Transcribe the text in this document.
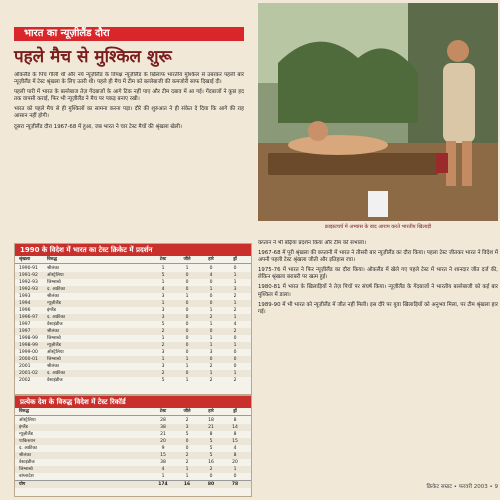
भारत का न्यूज़ीलैंड दौरा
पहले मैच से मुश्किल शुरू

ऑकलैंड के पिच गीली थी और नये न्यूज़ीलैंड के विपक्ष न्यूज़ीलैंड के खिलाफ भारतीय मुश्किल से उबरकर पहली बार न्यूज़ीलैंड में टेस्ट श्रृंखला के लिए उतरी थी। पहले ही मैच में टीम को बल्लेबाजी की कमजोरी साफ दिखाई दी।

पहली पारी में भारत के बल्लेबाज तेज़ गेंदबाजों के आगे टिक नहीं पाए और टीम दबाव में आ गई। गेंदबाजों ने कुछ हद तक वापसी कराई, फिर भी न्यूज़ीलैंड ने मैच पर पकड़ बनाए रखी।

भारत को पहले मैच से ही मुश्किलों का सामना करना पड़ा। दौरे की शुरुआत ने ही संकेत दे दिया कि आगे की राह आसान नहीं होगी।

दूसरा न्यूज़ीलैंड दौरा 1967-68 में हुआ, जब भारत ने चार टेस्ट मैचों की श्रृंखला खेली।

क्राइस्टचर्च में अभ्यास के बाद आराम करते भारतीय खिलाड़ी

कप्तान ने भी बढ़िया प्रदर्शन किया और टीम को संभाला।

1967-68 में पूरी श्रृंखला की कप्तानी में भारत ने तीसरी बार न्यूज़ीलैंड का दौरा किया। पहला टेस्ट जीतकर भारत ने विदेश में अपनी पहली टेस्ट श्रृंखला जीती और इतिहास रचा।

1975-76 में भारत ने फिर न्यूज़ीलैंड का दौरा किया। ऑकलैंड में खेले गए पहले टेस्ट में भारत ने शानदार जीत दर्ज की, लेकिन श्रृंखला बराबरी पर खत्म हुई।

1980-81 में भारत के खिलाड़ियों ने तेज़ पिचों पर संघर्ष किया। न्यूज़ीलैंड के गेंदबाजों ने भारतीय बल्लेबाजी को कई बार मुश्किल में डाला।

1989-90 में भी भारत को न्यूज़ीलैंड में जीत नहीं मिली। इस दौरे पर युवा खिलाड़ियों को अनुभव मिला, पर टीम श्रृंखला हार गई।

1990 के विदेश में भारत का टेस्ट क्रिकेट में प्रदर्शन
श्रृंखला	विरुद्ध	टेस्ट	जीते	हारे	ड्रॉ
1990-91	श्रीलंका	1	1	0	0
1991-92	ऑस्ट्रेलिया	5	0	4	1
1992-93	जिम्बाब्वे	1	0	0	1
1992-93	द. अफ्रीका	4	0	1	3
1993	श्रीलंका	3	1	0	2
1994	न्यूज़ीलैंड	1	0	0	1
1996	इंग्लैंड	3	0	1	2
1996-97	द. अफ्रीका	3	0	2	1
1997	वेस्टइंडीज	5	0	1	4
1997	श्रीलंका	2	0	0	2
1998-99	जिम्बाब्वे	1	0	1	0
1998-99	न्यूज़ीलैंड	2	0	1	1
1999-00	ऑस्ट्रेलिया	3	0	3	0
2000-01	जिम्बाब्वे	1	1	0	0
2001	श्रीलंका	3	1	2	0
2001-02	द. अफ्रीका	2	0	1	1
2002	वेस्टइंडीज	5	1	2	2
प्रत्येक देश के विरुद्ध विदेश में टेस्ट रिकॉर्ड
विरुद्ध	टेस्ट	जीते	हारे	ड्रॉ
ऑस्ट्रेलिया	28	2	18	8
इंग्लैंड	38	3	21	14
न्यूज़ीलैंड	21	5	8	8
पाकिस्तान	20	0	5	15
द. अफ्रीका	9	0	5	4
श्रीलंका	15	2	5	8
वेस्टइंडीज	38	2	16	20
जिम्बाब्वे	4	1	2	1
बांग्लादेश	1	1	0	0
योग	174	16	80	78	क्रिकेट सम्राट • फरवरी 2003 • 9
